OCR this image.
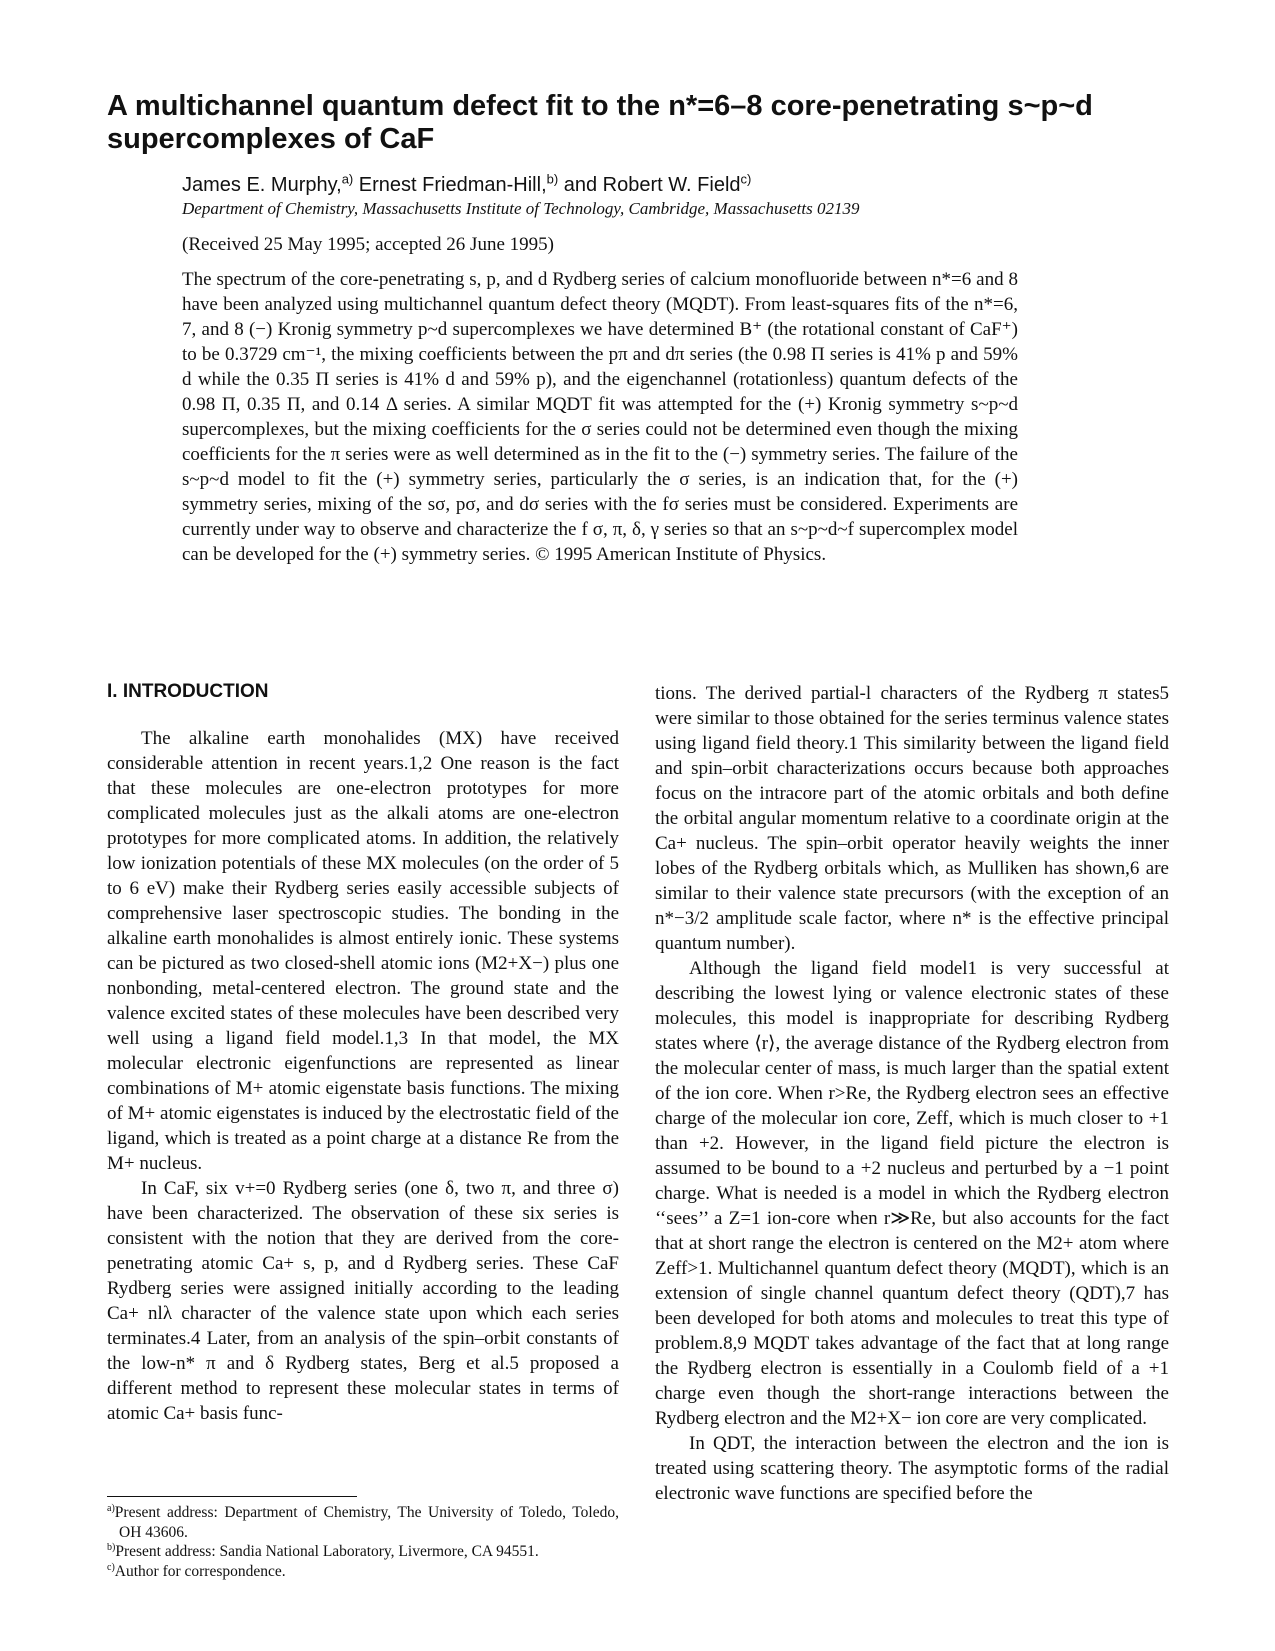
A multichannel quantum defect fit to the n*=6–8 core-penetrating s~p~d supercomplexes of CaF
James E. Murphy,$^{a)}$ Ernest Friedman-Hill,$^{b)}$ and Robert W. Field$^{c)}$
Department of Chemistry, Massachusetts Institute of Technology, Cambridge, Massachusetts 02139
(Received 25 May 1995; accepted 26 June 1995)

The spectrum of the core-penetrating s, p, and d Rydberg series of calcium monofluoride between n*=6 and 8 have been analyzed using multichannel quantum defect theory (MQDT). From least-squares fits of the n*=6, 7, and 8 (−) Kronig symmetry p~d supercomplexes we have determined B⁺ (the rotational constant of CaF⁺) to be 0.3729 cm⁻¹, the mixing coefficients between the pπ and dπ series (the 0.98 Π series is 41% p and 59% d while the 0.35 Π series is 41% d and 59% p), and the eigenchannel (rotationless) quantum defects of the 0.98 Π, 0.35 Π, and 0.14 Δ series. A similar MQDT fit was attempted for the (+) Kronig symmetry s~p~d supercomplexes, but the mixing coefficients for the σ series could not be determined even though the mixing coefficients for the π series were as well determined as in the fit to the (−) symmetry series. The failure of the s~p~d model to fit the (+) symmetry series, particularly the σ series, is an indication that, for the (+) symmetry series, mixing of the sσ, pσ, and dσ series with the fσ series must be considered. Experiments are currently under way to observe and characterize the f σ, π, δ, γ series so that an s~p~d~f supercomplex model can be developed for the (+) symmetry series. © 1995 American Institute of Physics.

I. INTRODUCTION

The alkaline earth monohalides (MX) have received considerable attention in recent years.1,2 One reason is the fact that these molecules are one-electron prototypes for more complicated molecules just as the alkali atoms are one-electron prototypes for more complicated atoms. In addition, the relatively low ionization potentials of these MX molecules (on the order of 5 to 6 eV) make their Rydberg series easily accessible subjects of comprehensive laser spectroscopic studies. The bonding in the alkaline earth monohalides is almost entirely ionic. These systems can be pictured as two closed-shell atomic ions (M2+X−) plus one nonbonding, metal-centered electron. The ground state and the valence excited states of these molecules have been described very well using a ligand field model.1,3 In that model, the MX molecular electronic eigenfunctions are represented as linear combinations of M+ atomic eigenstate basis functions. The mixing of M+ atomic eigenstates is induced by the electrostatic field of the ligand, which is treated as a point charge at a distance Re from the M+ nucleus.

In CaF, six v+=0 Rydberg series (one δ, two π, and three σ) have been characterized. The observation of these six series is consistent with the notion that they are derived from the core-penetrating atomic Ca+ s, p, and d Rydberg series. These CaF Rydberg series were assigned initially according to the leading Ca+ nlλ character of the valence state upon which each series terminates.4 Later, from an analysis of the spin–orbit constants of the low-n* π and δ Rydberg states, Berg et al.5 proposed a different method to represent these molecular states in terms of atomic Ca+ basis func-

tions. The derived partial-l characters of the Rydberg π states5 were similar to those obtained for the series terminus valence states using ligand field theory.1 This similarity between the ligand field and spin–orbit characterizations occurs because both approaches focus on the intracore part of the atomic orbitals and both define the orbital angular momentum relative to a coordinate origin at the Ca+ nucleus. The spin–orbit operator heavily weights the inner lobes of the Rydberg orbitals which, as Mulliken has shown,6 are similar to their valence state precursors (with the exception of an n*−3/2 amplitude scale factor, where n* is the effective principal quantum number).

Although the ligand field model1 is very successful at describing the lowest lying or valence electronic states of these molecules, this model is inappropriate for describing Rydberg states where ⟨r⟩, the average distance of the Rydberg electron from the molecular center of mass, is much larger than the spatial extent of the ion core. When r>Re, the Rydberg electron sees an effective charge of the molecular ion core, Zeff, which is much closer to +1 than +2. However, in the ligand field picture the electron is assumed to be bound to a +2 nucleus and perturbed by a −1 point charge. What is needed is a model in which the Rydberg electron ‘‘sees’’ a Z=1 ion-core when r≫Re, but also accounts for the fact that at short range the electron is centered on the M2+ atom where Zeff>1. Multichannel quantum defect theory (MQDT), which is an extension of single channel quantum defect theory (QDT),7 has been developed for both atoms and molecules to treat this type of problem.8,9 MQDT takes advantage of the fact that at long range the Rydberg electron is essentially in a Coulomb field of a +1 charge even though the short-range interactions between the Rydberg electron and the M2+X− ion core are very complicated.

In QDT, the interaction between the electron and the ion is treated using scattering theory. The asymptotic forms of the radial electronic wave functions are specified before the

$^{a)}$Present address: Department of Chemistry, The University of Toledo, Toledo, OH 43606.

$^{b)}$Present address: Sandia National Laboratory, Livermore, CA 94551.

$^{c)}$Author for correspondence.
